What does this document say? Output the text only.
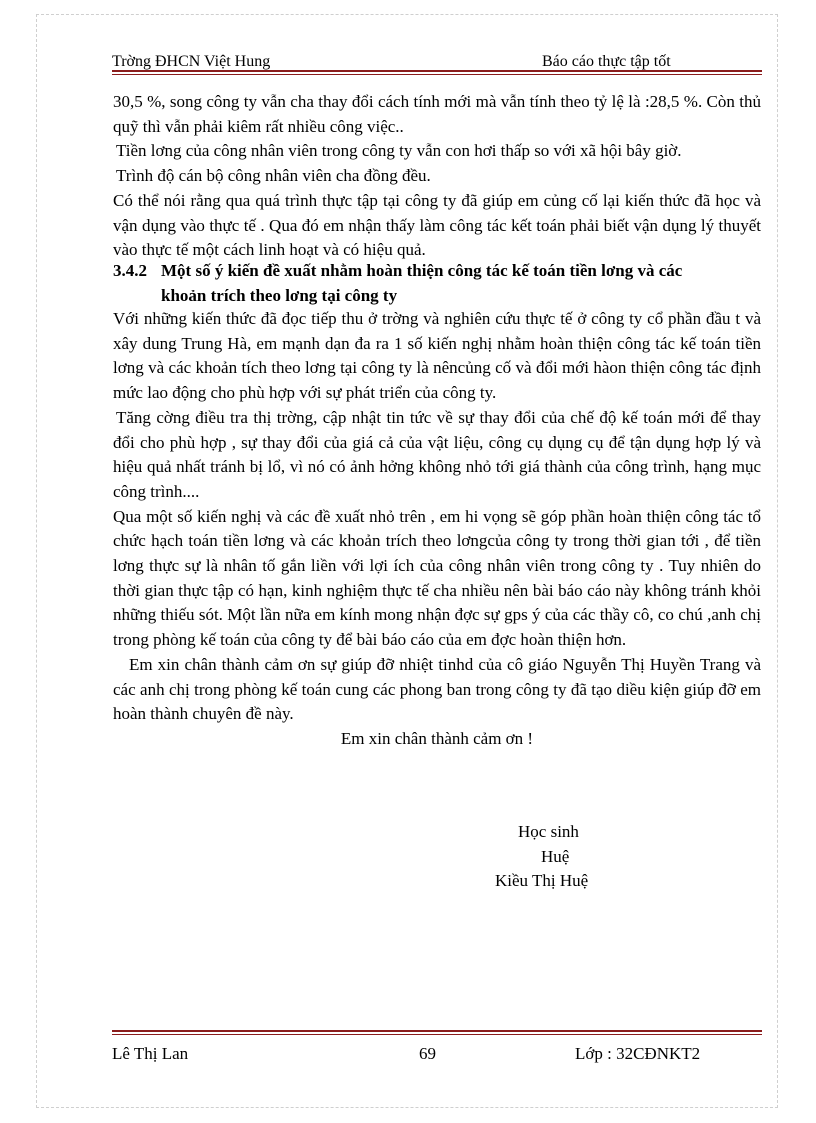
Trờng ĐHCN Việt Hung	Báo cáo thực tập tốt

30,5 %, song công ty vẫn cha thay đổi cách tính mới mà vẫn tính theo tỷ lệ là :28,5 %. Còn thủ quỹ thì vẫn phải kiêm rất nhiều công việc..

Tiền lơng của công nhân viên trong công ty vẫn con hơi thấp so với xã hội bây giờ.

Trình độ cán bộ công nhân viên cha đồng đều.

Có thể nói rằng qua quá trình thực tập tại công ty đã giúp em củng cố lại kiến thức đã học và vận dụng vào thực tế . Qua đó em nhận thấy làm công tác kết toán phải biết vận dụng lý thuyết vào thực tế một cách linh hoạt và có hiệu quả.

3.4.2 Một số ý kiến đề xuất nhằm hoàn thiện công tác kế toán tiền lơng và các
khoản trích theo lơng tại công ty

Với những kiến thức đã đọc tiếp thu ở trờng và nghiên cứu thực tế ở công ty cổ phần đầu t và xây dung Trung Hà, em mạnh dạn đa ra 1 số kiến nghị nhằm hoàn thiện công tác kế toán tiền lơng và các khoản tích theo lơng tại công ty là nêncủng cố và đổi mới hàon thiện công tác định mức lao động cho phù hợp với sự phát triển của công ty.

Tăng cờng điều tra thị trờng, cập nhật tin tức về sự thay đổi của chế độ kế toán mới để thay đổi cho phù hợp , sự thay đổi của giá cả của vật liệu, công cụ dụng cụ để tận dụng hợp lý và hiệu quả nhất tránh bị lổ, vì nó có ảnh hởng không nhỏ tới giá thành của công trình, hạng mục công trình....

Qua một số kiến nghị và các đề xuất nhỏ trên , em hi vọng sẽ góp phần hoàn thiện công tác tổ chức hạch toán tiền lơng và các khoản trích theo lơngcủa công ty trong thời gian tới , để tiền lơng thực sự là nhân tố gắn liền với lợi ích của công nhân viên trong công ty . Tuy nhiên do thời gian thực tập có hạn, kinh nghiệm thực tế cha nhiều nên bài báo cáo này không tránh khỏi những thiếu sót. Một lần nữa em kính mong nhận đợc sự gps ý của các thầy cô, co chú ,anh chị trong phòng kế toán của công ty để bài báo cáo của em đợc hoàn thiện hơn.

Em xin chân thành cảm ơn sự giúp đỡ nhiệt tinhd của cô giáo Nguyễn Thị Huyền Trang và các anh chị trong phòng kế toán cung các phong ban trong công ty đã tạo diều kiện giúp đỡ em hoàn thành chuyên đề này.

Em xin chân thành cảm ơn !

Học sinh
Huệ
Kiều Thị Huệ
Lê Thị Lan	69	Lớp : 32CĐNKT2
